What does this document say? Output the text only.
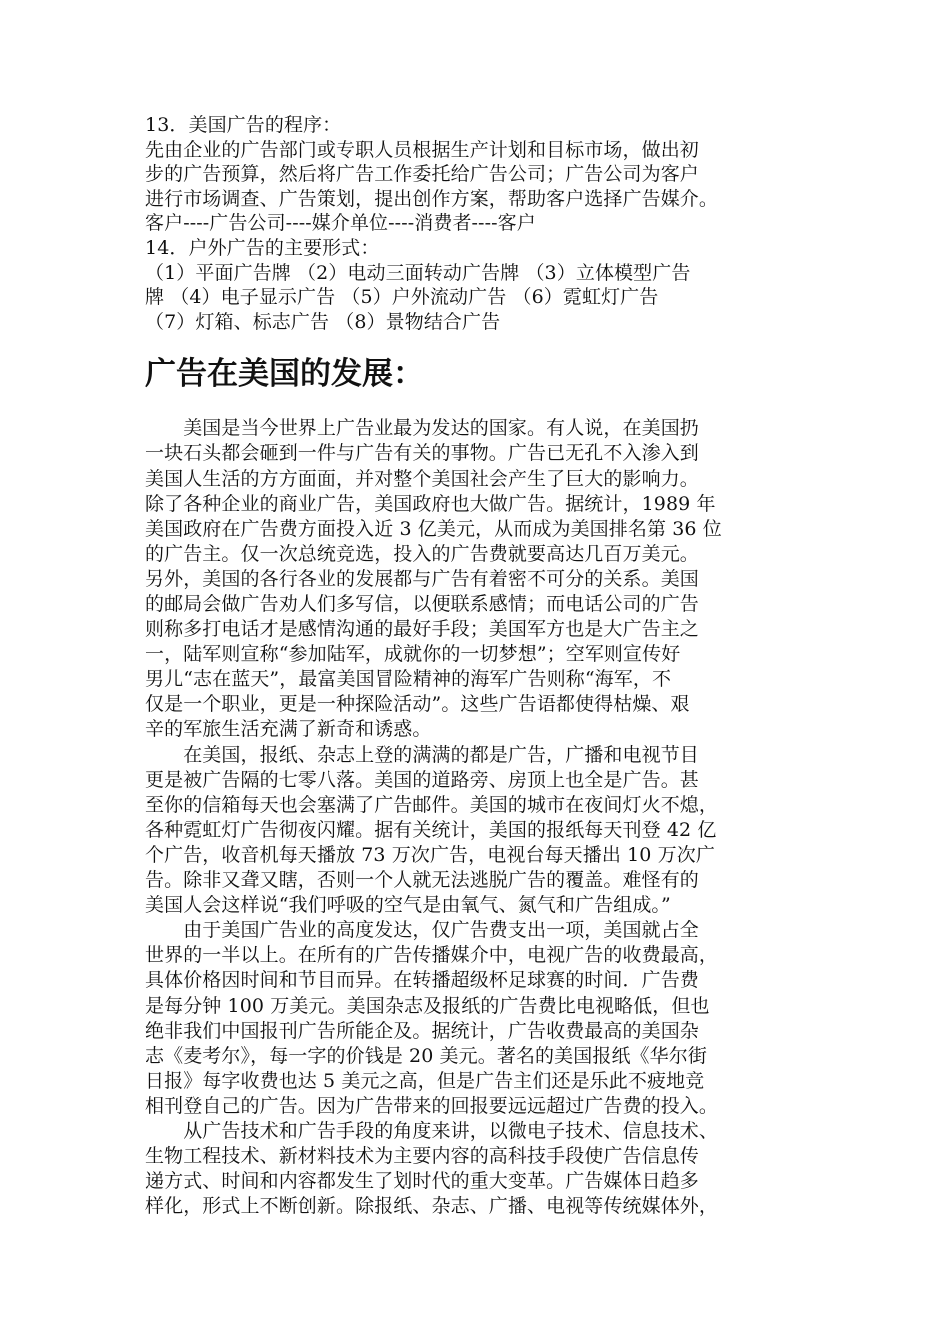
13．美国广告的程序：
先由企业的广告部门或专职人员根据生产计划和目标市场，做出初
步的广告预算，然后将广告工作委托给广告公司；广告公司为客户
进行市场调查、广告策划，提出创作方案，帮助客户选择广告媒介。
客户----广告公司----媒介单位----消费者----客户
14．户外广告的主要形式：
（1）平面广告牌 （2）电动三面转动广告牌 （3）立体模型广告
牌 （4）电子显示广告 （5）户外流动广告 （6）霓虹灯广告
（7）灯箱、标志广告 （8）景物结合广告
广告在美国的发展：
　　美国是当今世界上广告业最为发达的国家。有人说，在美国扔
一块石头都会砸到一件与广告有关的事物。广告已无孔不入渗入到
美国人生活的方方面面，并对整个美国社会产生了巨大的影响力。
除了各种企业的商业广告，美国政府也大做广告。据统计，1989 年
美国政府在广告费方面投入近 3 亿美元，从而成为美国排名第 36 位
的广告主。仅一次总统竞选，投入的广告费就要高达几百万美元。
另外，美国的各行各业的发展都与广告有着密不可分的关系。美国
的邮局会做广告劝人们多写信，以便联系感情；而电话公司的广告
则称多打电话才是感情沟通的最好手段；美国军方也是大广告主之
一，陆军则宣称“参加陆军，成就你的一切梦想”；空军则宣传好
男儿“志在蓝天”，最富美国冒险精神的海军广告则称“海军，不
仅是一个职业，更是一种探险活动”。这些广告语都使得枯燥、艰
辛的军旅生活充满了新奇和诱惑。
　　在美国，报纸、杂志上登的满满的都是广告，广播和电视节目
更是被广告隔的七零八落。美国的道路旁、房顶上也全是广告。甚
至你的信箱每天也会塞满了广告邮件。美国的城市在夜间灯火不熄，
各种霓虹灯广告彻夜闪耀。据有关统计，美国的报纸每天刊登 42 亿
个广告，收音机每天播放 73 万次广告，电视台每天播出 10 万次广
告。除非又聋又瞎，否则一个人就无法逃脱广告的覆盖。难怪有的
美国人会这样说“我们呼吸的空气是由氧气、氮气和广告组成。”
　　由于美国广告业的高度发达，仅广告费支出一项，美国就占全
世界的一半以上。在所有的广告传播媒介中，电视广告的收费最高，
具体价格因时间和节目而异。在转播超级杯足球赛的时间．广告费
是每分钟 100 万美元。美国杂志及报纸的广告费比电视略低，但也
绝非我们中国报刊广告所能企及。据统计，广告收费最高的美国杂
志《麦考尔》，每一字的价钱是 20 美元。著名的美国报纸《华尔街
日报》每字收费也达 5 美元之高，但是广告主们还是乐此不疲地竞
相刊登自己的广告。因为广告带来的回报要远远超过广告费的投入。
　　从广告技术和广告手段的角度来讲，以微电子技术、信息技术、
生物工程技术、新材料技术为主要内容的高科技手段使广告信息传
递方式、时间和内容都发生了划时代的重大变革。广告媒体日趋多
样化，形式上不断创新。除报纸、杂志、广播、电视等传统媒体外，
